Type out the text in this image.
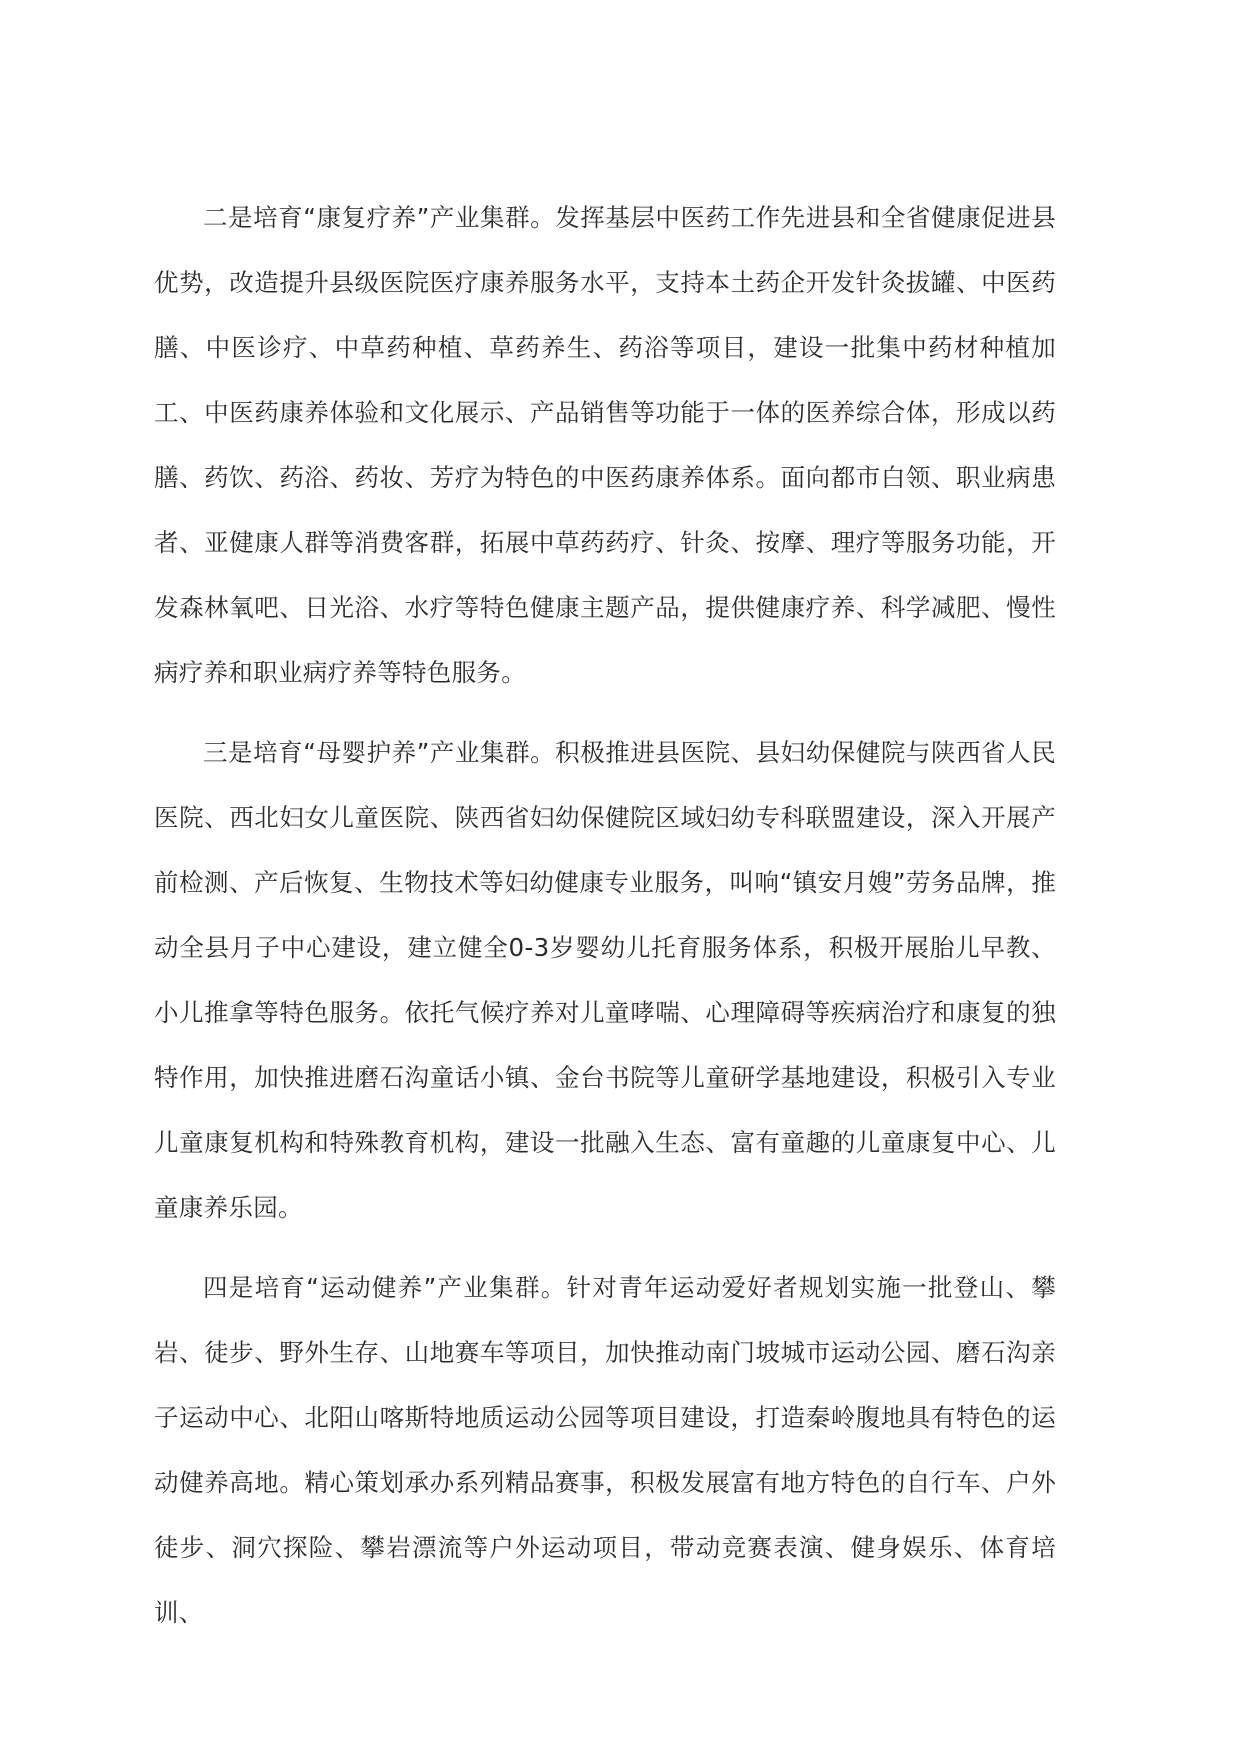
二是培育“康复疗养”产业集群。发挥基层中医药工作先进县和全省健康促进县优势，改造提升县级医院医疗康养服务水平，支持本土药企开发针灸拔罐、中医药膳、中医诊疗、中草药种植、草药养生、药浴等项目，建设一批集中药材种植加工、中医药康养体验和文化展示、产品销售等功能于一体的医养综合体，形成以药膳、药饮、药浴、药妆、芳疗为特色的中医药康养体系。面向都市白领、职业病患者、亚健康人群等消费客群，拓展中草药药疗、针灸、按摩、理疗等服务功能，开发森林氧吧、日光浴、水疗等特色健康主题产品，提供健康疗养、科学减肥、慢性病疗养和职业病疗养等特色服务。

三是培育“母婴护养”产业集群。积极推进县医院、县妇幼保健院与陕西省人民医院、西北妇女儿童医院、陕西省妇幼保健院区域妇幼专科联盟建设，深入开展产前检测、产后恢复、生物技术等妇幼健康专业服务，叫响“镇安月嫂”劳务品牌，推动全县月子中心建设，建立健全0-3岁婴幼儿托育服务体系，积极开展胎儿早教、小儿推拿等特色服务。依托气候疗养对儿童哮喘、心理障碍等疾病治疗和康复的独特作用，加快推进磨石沟童话小镇、金台书院等儿童研学基地建设，积极引入专业儿童康复机构和特殊教育机构，建设一批融入生态、富有童趣的儿童康复中心、儿童康养乐园。

四是培育“运动健养”产业集群。针对青年运动爱好者规划实施一批登山、攀岩、徒步、野外生存、山地赛车等项目，加快推动南门坡城市运动公园、磨石沟亲子运动中心、北阳山喀斯特地质运动公园等项目建设，打造秦岭腹地具有特色的运动健养高地。精心策划承办系列精品赛事，积极发展富有地方特色的自行车、户外徒步、洞穴探险、攀岩漂流等户外运动项目，带动竞赛表演、健身娱乐、体育培训、
